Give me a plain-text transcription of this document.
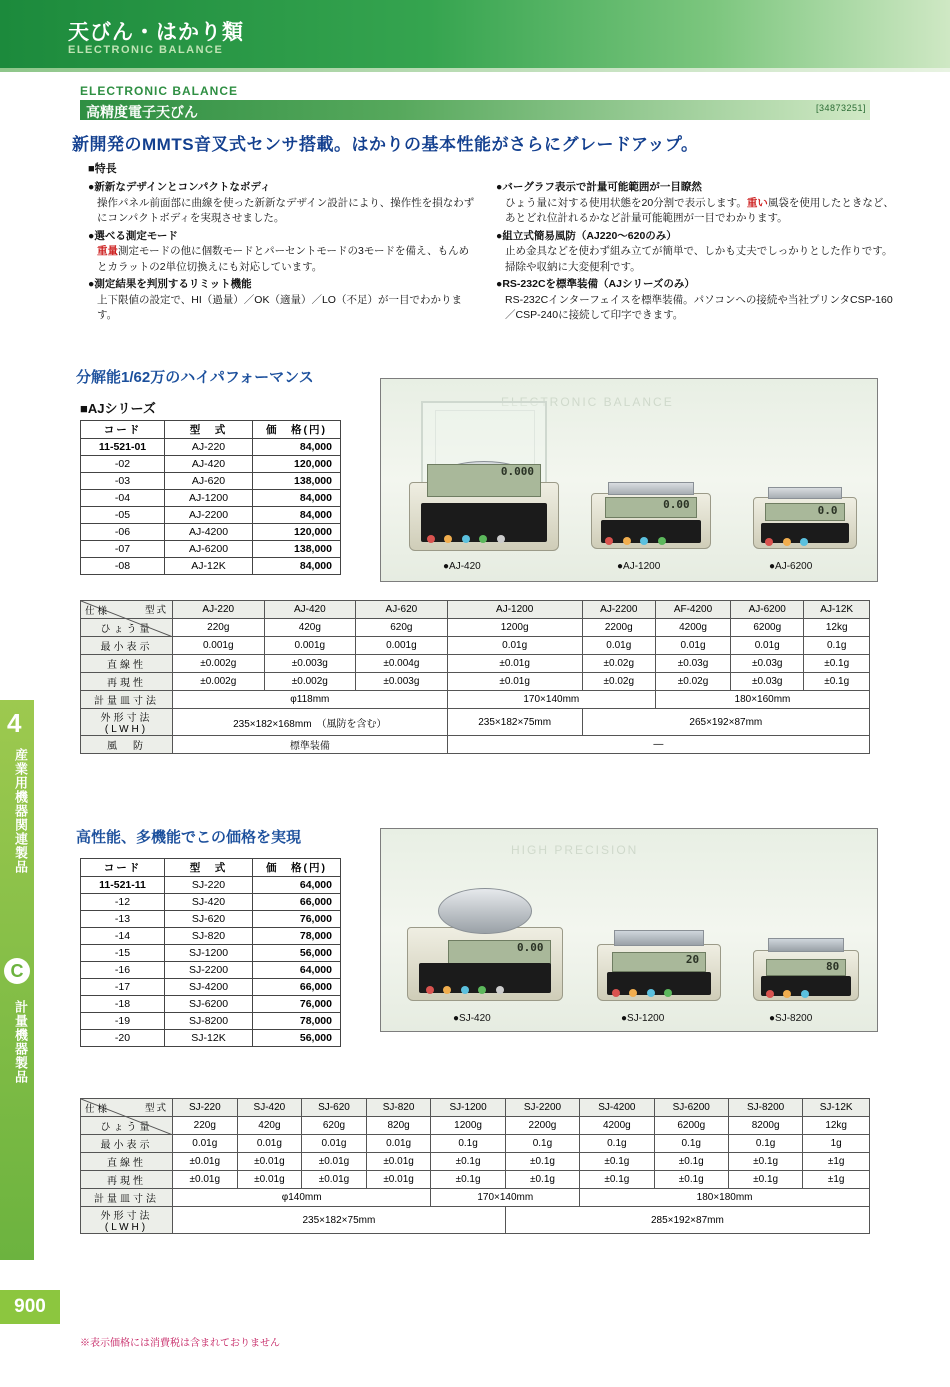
天びん・はかり類
ELECTRONIC BALANCE
4
産業用機器関連製品
C
計量機器製品
900
ELECTRONIC BALANCE
高精度電子天びん	[34873251]
新開発のMMTS音叉式センサ搭載。はかりの基本性能がさらにグレードアップ。
■特長
●新新なデザインとコンパクトなボディ
操作パネル前面部に曲線を使った新新なデザイン設計により、操作性を損なわずにコンパクトボディを実現させました。
●選べる測定モード
重量測定モードの他に個数モードとパーセントモードの3モードを備え、もんめとカラットの2単位切換えにも対応しています。
●測定結果を判別するリミット機能
上下限値の設定で、HI（過量）／OK（適量）／LO（不足）が一目でわかります。
●バーグラフ表示で計量可能範囲が一目瞭然
ひょう量に対する使用状態を20分割で表示します。重い風袋を使用したときなど、あとどれ位計れるかなど計量可能範囲が一目でわかります。
●組立式簡易風防（AJ220〜620のみ）
止め金具などを使わず組み立てが簡単で、しかも丈夫でしっかりとした作りです。掃除や収納に大変便利です。
●RS-232Cを標準装備（AJシリーズのみ）
RS-232Cインターフェイスを標準装備。パソコンへの接続や当社プリンタCSP-160／CSP-240に接続して印字できます。
分解能1/62万のハイパフォーマンス
■AJシリーズ
コード	型　式	価　格(円)
11-521-01	AJ-220	84,000
-02	AJ-420	120,000
-03	AJ-620	138,000
-04	AJ-1200	84,000
-05	AJ-2200	84,000
-06	AJ-4200	120,000
-07	AJ-6200	138,000
-08	AJ-12K	84,000
ELECTRONIC BALANCE
0.000

●AJ-420
0.00

●AJ-1200
0.0

●AJ-6200
型式
仕様	AJ-220	AJ-420	AJ-620	AJ-1200	AJ-2200	AF-4200	AJ-6200	AJ-12K
ひょう量	220g	420g	620g	1200g	2200g	4200g	6200g	12kg
最小表示	0.001g	0.001g	0.001g	0.01g	0.01g	0.01g	0.01g	0.1g
直線性	±0.002g	±0.003g	±0.004g	±0.01g	±0.02g	±0.03g	±0.03g	±0.1g
再現性	±0.002g	±0.002g	±0.003g	±0.01g	±0.02g	±0.02g	±0.03g	±0.1g
計量皿寸法	φ118mm			170×140mm		180×160mm		
外形寸法(LWH)	235×182×168mm　（風防を含む）			235×182×75mm	265×192×87mm			
風　防	標準装備			—				
高性能、多機能でこの価格を実現
コード	型　式	価　格(円)
11-521-11	SJ-220	64,000
-12	SJ-420	66,000
-13	SJ-620	76,000
-14	SJ-820	78,000
-15	SJ-1200	56,000
-16	SJ-2200	64,000
-17	SJ-4200	66,000
-18	SJ-6200	76,000
-19	SJ-8200	78,000
-20	SJ-12K	56,000
HIGH PRECISION
0.00

●SJ-420
20

●SJ-1200
80

●SJ-8200
型式
仕様	SJ-220	SJ-420	SJ-620	SJ-820	SJ-1200	SJ-2200	SJ-4200	SJ-6200	SJ-8200	SJ-12K
ひょう量	220g	420g	620g	820g	1200g	2200g	4200g	6200g	8200g	12kg
最小表示	0.01g	0.01g	0.01g	0.01g	0.1g	0.1g	0.1g	0.1g	0.1g	1g
直線性	±0.01g	±0.01g	±0.01g	±0.01g	±0.1g	±0.1g	±0.1g	±0.1g	±0.1g	±1g
再現性	±0.01g	±0.01g	±0.01g	±0.01g	±0.1g	±0.1g	±0.1g	±0.1g	±0.1g	±1g
計量皿寸法	φ140mm				170×140mm		180×180mm			
外形寸法(LWH)	235×182×75mm					285×192×87mm				
※表示価格には消費税は含まれておりません
